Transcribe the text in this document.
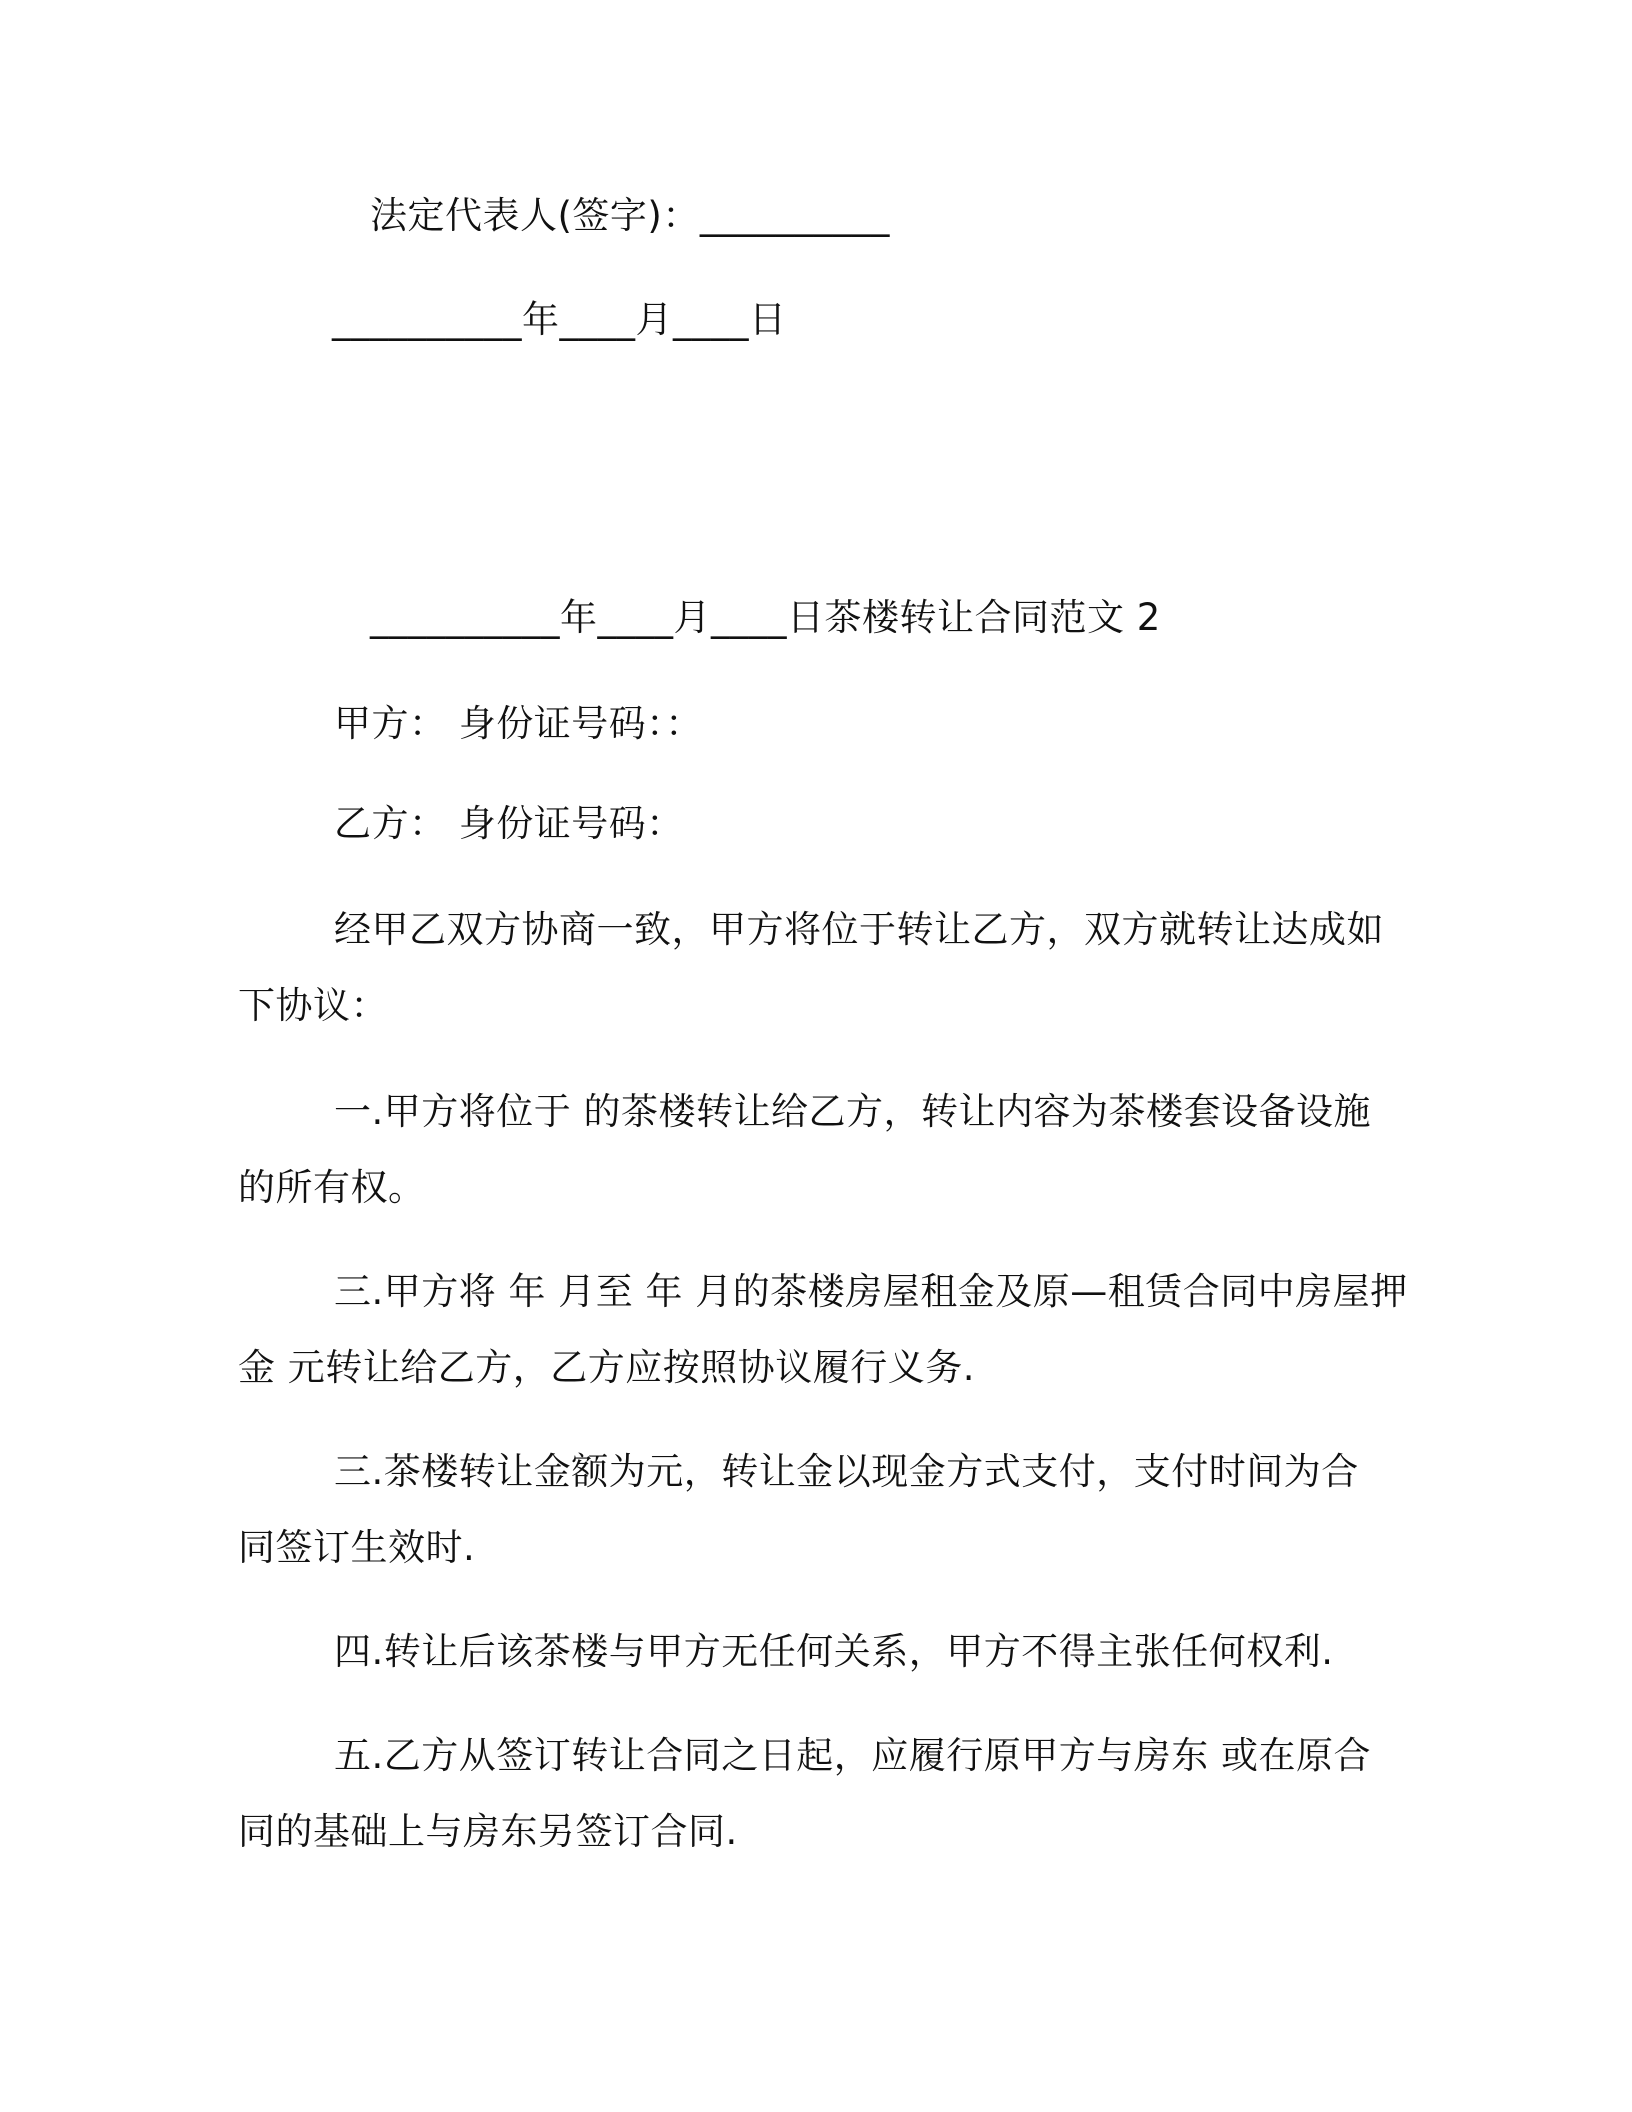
法定代表人(签字)：__________
__________年____月____日
__________年____月____日茶楼转让合同范文 2
甲方： 身份证号码：：
乙方： 身份证号码：
经甲乙双方协商一致，甲方将位于转让乙方，双方就转让达成如
下协议：
一.甲方将位于 的茶楼转让给乙方，转让内容为茶楼套设备设施
的所有权。
三.甲方将 年 月至 年 月的茶楼房屋租金及原—租赁合同中房屋押
金 元转让给乙方，乙方应按照协议履行义务.
三.茶楼转让金额为元，转让金以现金方式支付，支付时间为合
同签订生效时.
四.转让后该茶楼与甲方无任何关系，甲方不得主张任何权利.
五.乙方从签订转让合同之日起，应履行原甲方与房东 或在原合
同的基础上与房东另签订合同.
